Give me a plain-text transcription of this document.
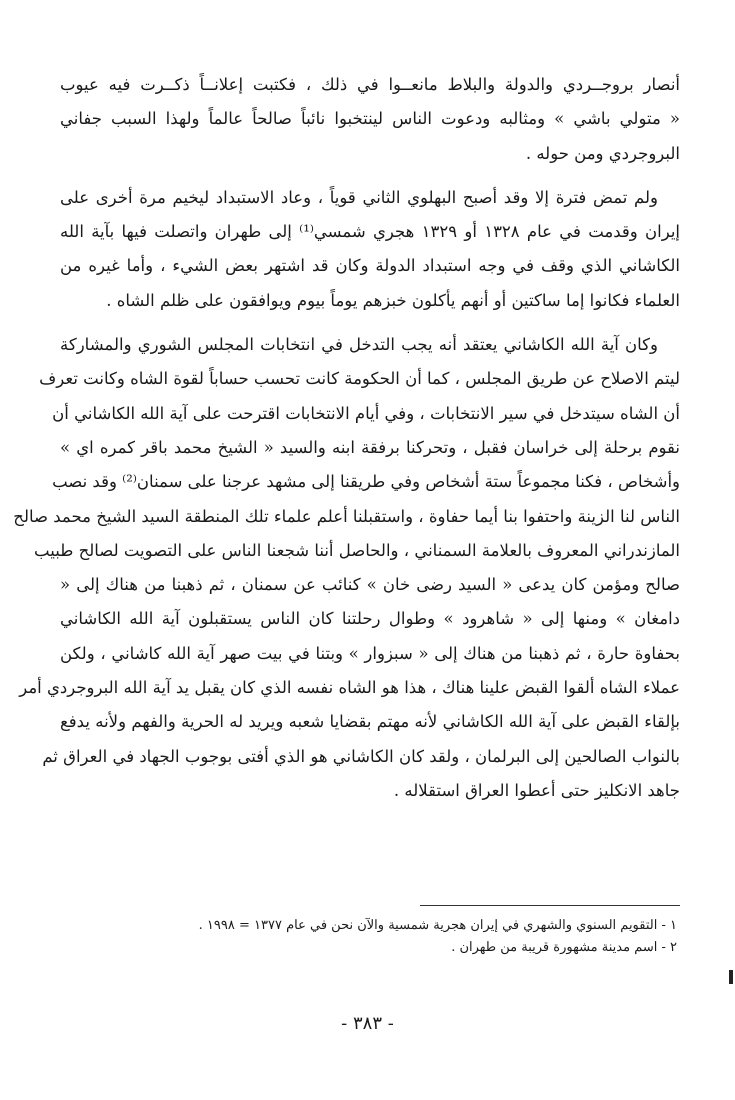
أنصار بروجــردي والدولة والبلاط مانعــوا في ذلك ، فكتبت إعلانــاً ذكــرت فيه عيوب
« متولي باشي » ومثالبه ودعوت الناس لينتخبوا نائباً صالحاً عالماً ولهذا السبب جفاني
البروجردي ومن حوله .

ولم تمض فترة إلا وقد أصبح البهلوي الثاني قوياً ، وعاد الاستبداد ليخيم مرة أخرى على
إيران وقدمت في عام ١٣٢٨ أو ١٣٢٩ هجري شمسي⁽¹⁾ إلى طهران واتصلت فيها بآية الله
الكاشاني الذي وقف في وجه استبداد الدولة وكان قد اشتهر بعض الشيء ، وأما غيره من
العلماء فكانوا إما ساكتين أو أنهم يأكلون خبزهم يوماً بيوم ويوافقون على ظلم الشاه .

وكان آية الله الكاشاني يعتقد أنه يجب التدخل في انتخابات المجلس الشوري والمشاركة
ليتم الاصلاح عن طريق المجلس ، كما أن الحكومة كانت تحسب حساباً لقوة الشاه وكانت تعرف
أن الشاه سيتدخل في سير الانتخابات ، وفي أيام الانتخابات اقترحت على آية الله الكاشاني أن
نقوم برحلة إلى خراسان فقبل ، وتحركنا برفقة ابنه والسيد « الشيخ محمد باقر كمره اي »
وأشخاص ، فكنا مجموعاً ستة أشخاص وفي طريقنا إلى مشهد عرجنا على سمنان⁽²⁾ وقد نصب
الناس لنا الزينة واحتفوا بنا أيما حفاوة ، واستقبلنا أعلم علماء تلك المنطقة السيد الشيخ محمد صالح
المازندراني المعروف بالعلامة السمناني ، والحاصل أننا شجعنا الناس على التصويت لصالح طبيب
صالح ومؤمن كان يدعى « السيد رضى خان » كنائب عن سمنان ، ثم ذهبنا من هناك إلى «
دامغان » ومنها إلى « شاهرود » وطوال رحلتنا كان الناس يستقبلون آية الله الكاشاني
بحفاوة حارة ، ثم ذهبنا من هناك إلى « سبزوار » وبتنا في بيت صهر آية الله كاشاني ، ولكن
عملاء الشاه ألقوا القبض علينا هناك ، هذا هو الشاه نفسه الذي كان يقبل يد آية الله البروجردي أمر
بإلقاء القبض على آية الله الكاشاني لأنه مهتم بقضايا شعبه ويريد له الحرية والفهم ولأنه يدفع
بالنواب الصالحين إلى البرلمان ، ولقد كان الكاشاني هو الذي أفتى بوجوب الجهاد في العراق ثم
جاهد الانكليز حتى أعطوا العراق استقلاله .

١ - التقويم السنوي والشهري في إيران هجرية شمسية والآن نحن في عام ١٣٧٧ = ١٩٩٨ .
٢ - اسم مدينة مشهورة قريبة من طهران .
- ٣٨٣ -
